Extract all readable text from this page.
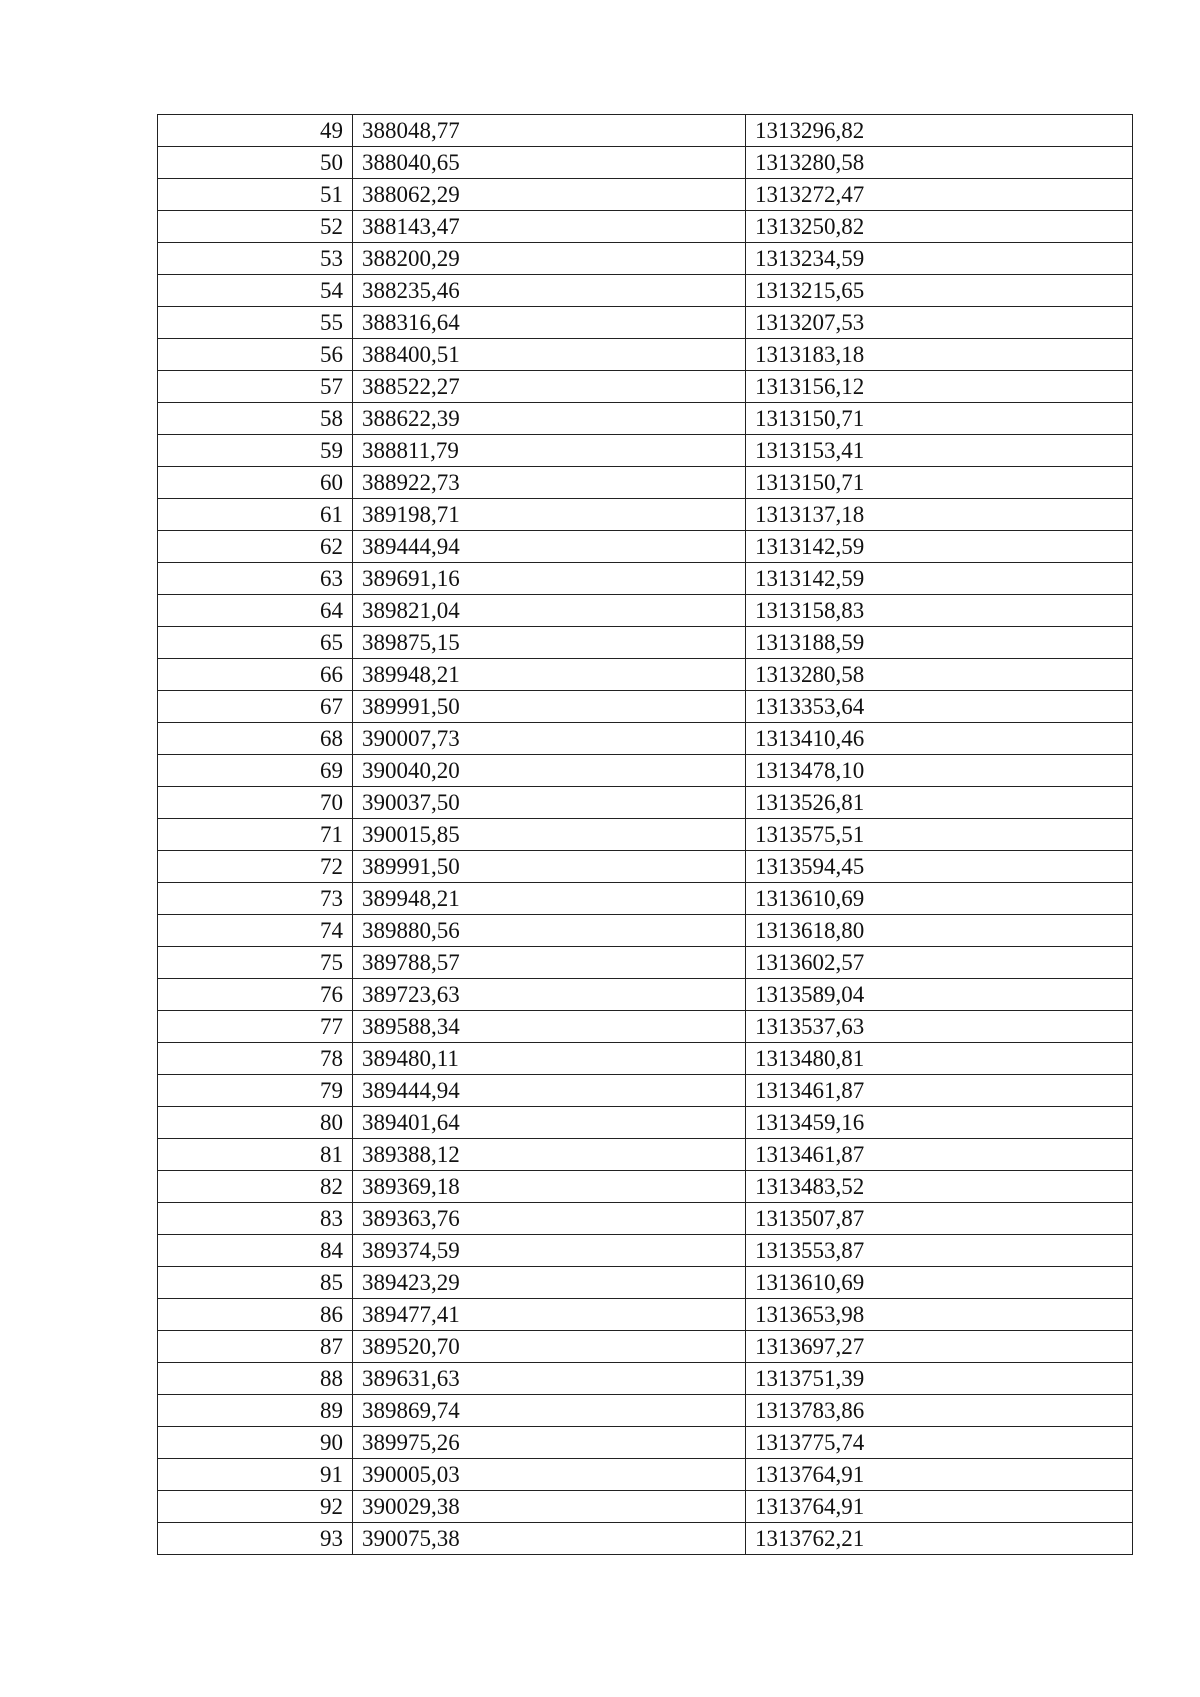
49	388048,77	1313296,82
50	388040,65	1313280,58
51	388062,29	1313272,47
52	388143,47	1313250,82
53	388200,29	1313234,59
54	388235,46	1313215,65
55	388316,64	1313207,53
56	388400,51	1313183,18
57	388522,27	1313156,12
58	388622,39	1313150,71
59	388811,79	1313153,41
60	388922,73	1313150,71
61	389198,71	1313137,18
62	389444,94	1313142,59
63	389691,16	1313142,59
64	389821,04	1313158,83
65	389875,15	1313188,59
66	389948,21	1313280,58
67	389991,50	1313353,64
68	390007,73	1313410,46
69	390040,20	1313478,10
70	390037,50	1313526,81
71	390015,85	1313575,51
72	389991,50	1313594,45
73	389948,21	1313610,69
74	389880,56	1313618,80
75	389788,57	1313602,57
76	389723,63	1313589,04
77	389588,34	1313537,63
78	389480,11	1313480,81
79	389444,94	1313461,87
80	389401,64	1313459,16
81	389388,12	1313461,87
82	389369,18	1313483,52
83	389363,76	1313507,87
84	389374,59	1313553,87
85	389423,29	1313610,69
86	389477,41	1313653,98
87	389520,70	1313697,27
88	389631,63	1313751,39
89	389869,74	1313783,86
90	389975,26	1313775,74
91	390005,03	1313764,91
92	390029,38	1313764,91
93	390075,38	1313762,21
